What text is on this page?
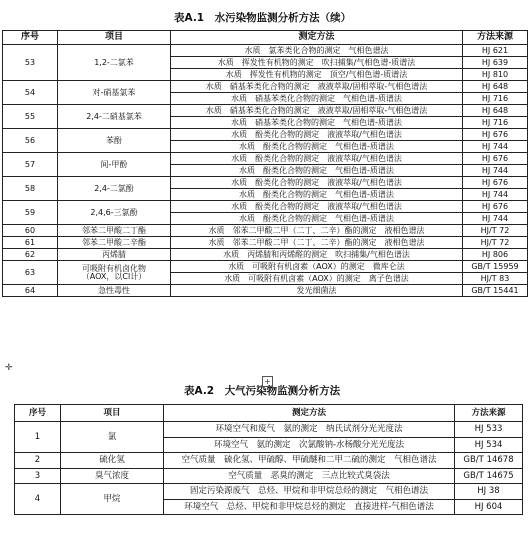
表A.1　水污染物监测分析方法（续）
序号	项目	测定方法	方法来源
53	1,2-二氯苯	水质　氯苯类化合物的测定　气相色谱法	HJ 621
		水质　挥发性有机物的测定　吹扫捕集/气相色谱-质谱法	HJ 639
		水质　挥发性有机物的测定　顶空/气相色谱-质谱法	HJ 810
54	对-硝基氯苯	水质　硝基苯类化合物的测定　液液萃取/固相萃取-气相色谱法	HJ 648
		水质　硝基苯类化合物的测定　气相色谱-质谱法	HJ 716
55	2,4-二硝基氯苯	水质　硝基苯类化合物的测定　液液萃取/固相萃取-气相色谱法	HJ 648
		水质　硝基苯类化合物的测定　气相色谱-质谱法	HJ 716
56	苯酚	水质　酚类化合物的测定　液液萃取/气相色谱法	HJ 676
		水质　酚类化合物的测定　气相色谱-质谱法	HJ 744
57	间-甲酚	水质　酚类化合物的测定　液液萃取/气相色谱法	HJ 676
		水质　酚类化合物的测定　气相色谱-质谱法	HJ 744
58	2,4-二氯酚	水质　酚类化合物的测定　液液萃取/气相色谱法	HJ 676
		水质　酚类化合物的测定　气相色谱-质谱法	HJ 744
59	2,4,6-三氯酚	水质　酚类化合物的测定　液液萃取/气相色谱法	HJ 676
		水质　酚类化合物的测定　气相色谱-质谱法	HJ 744
60	邻苯二甲酸二丁酯	水质　邻苯二甲酸二甲（二丁、二辛）酯的测定　液相色谱法	HJ/T 72
61	邻苯二甲酸二辛酯	水质　邻苯二甲酸二甲（二丁、二辛）酯的测定　液相色谱法	HJ/T 72
62	丙烯腈	水质　丙烯腈和丙烯醛的测定　吹扫捕集/气相色谱法	HJ 806
63	可吸附有机卤化物
（AOX，以Cl计）	水质　可吸附有机卤素（AOX）的测定　微库仑法	GB/T 15959
		水质　可吸附有机卤素（AOX）的测定　离子色谱法	HJ/T 83
64	急性毒性	发光细菌法	GB/T 15441
✛
表A.2　大气污染物监测分析方法
+
序号	项目	测定方法	方法来源
1	氯	环境空气和废气　氨的测定　纳氏试剂分光光度法	HJ 533
		环境空气　氨的测定　次氯酸钠-水杨酸分光光度法	HJ 534
2	硫化氢	空气质量　硫化氢、甲硫醇、甲硫醚和二甲二硫的测定　气相色谱法	GB/T 14678
3	臭气浓度	空气质量　恶臭的测定　三点比较式臭袋法	GB/T 14675
4	甲烷	固定污染源废气　总烃、甲烷和非甲烷总烃的测定　气相色谱法	HJ 38
		环境空气　总烃、甲烷和非甲烷总烃的测定　直接进样-气相色谱法	HJ 604
